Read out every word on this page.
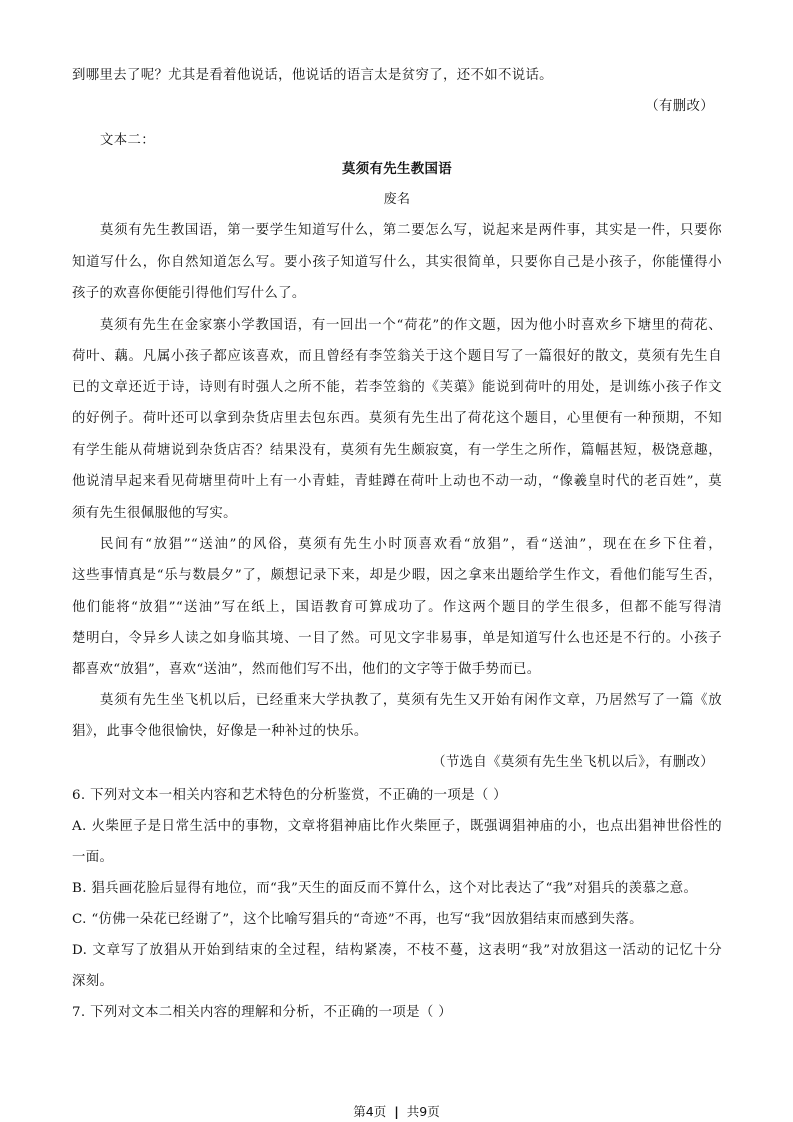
到哪里去了呢？尤其是看着他说话，他说话的语言太是贫穷了，还不如不说话。
（有删改）
文本二：
莫须有先生教国语
废名
莫须有先生教国语，第一要学生知道写什么，第二要怎么写，说起来是两件事，其实是一件，只要你
知道写什么，你自然知道怎么写。要小孩子知道写什么，其实很简单，只要你自己是小孩子，你能懂得小
孩子的欢喜你便能引得他们写什么了。
莫须有先生在金家寨小学教国语，有一回出一个“荷花”的作文题，因为他小时喜欢乡下塘里的荷花、
荷叶、藕。凡属小孩子都应该喜欢，而且曾经有李笠翁关于这个题目写了一篇很好的散文，莫须有先生自
已的文章还近于诗，诗则有时强人之所不能，若李笠翁的《芙蕖》能说到荷叶的用处，是训练小孩子作文
的好例子。荷叶还可以拿到杂货店里去包东西。莫须有先生出了荷花这个题目，心里便有一种预期，不知
有学生能从荷塘说到杂货店否？结果没有，莫须有先生颇寂寞，有一学生之所作，篇幅甚短，极饶意趣，
他说清早起来看见荷塘里荷叶上有一小青蛙，青蛙蹲在荷叶上动也不动一动，“像羲皇时代的老百姓”，莫
须有先生很佩服他的写实。
民间有“放猖”“送油”的风俗，莫须有先生小时顶喜欢看“放猖”，看“送油”，现在在乡下住着，
这些事情真是“乐与数晨夕”了，颇想记录下来，却是少暇，因之拿来出题给学生作文，看他们能写生否，
他们能将“放猖”“送油”写在纸上，国语教育可算成功了。作这两个题目的学生很多，但都不能写得清
楚明白，令异乡人读之如身临其境、一目了然。可见文字非易事，单是知道写什么也还是不行的。小孩子
都喜欢“放猖”，喜欢“送油”，然而他们写不出，他们的文字等于做手势而已。
莫须有先生坐飞机以后，已经重来大学执教了，莫须有先生又开始有闲作文章，乃居然写了一篇《放
猖》，此事令他很愉快，好像是一种补过的快乐。
（节选自《莫须有先生坐飞机以后》，有删改）
6. 下列对文本一相关内容和艺术特色的分析鉴赏，不正确的一项是（ ）
A. 火柴匣子是日常生活中的事物，文章将猖神庙比作火柴匣子，既强调猖神庙的小，也点出猖神世俗性的
一面。
B. 猖兵画花脸后显得有地位，而“我”天生的面反而不算什么，这个对比表达了“我”对猖兵的羡慕之意。
C. “仿佛一朵花已经谢了”，这个比喻写猖兵的“奇迹”不再，也写“我”因放猖结束而感到失落。
D. 文章写了放猖从开始到结束的全过程，结构紧凑，不枝不蔓，这表明“我”对放猖这一活动的记忆十分
深刻。
7. 下列对文本二相关内容的理解和分析，不正确的一项是（ ）
第4页 | 共9页
